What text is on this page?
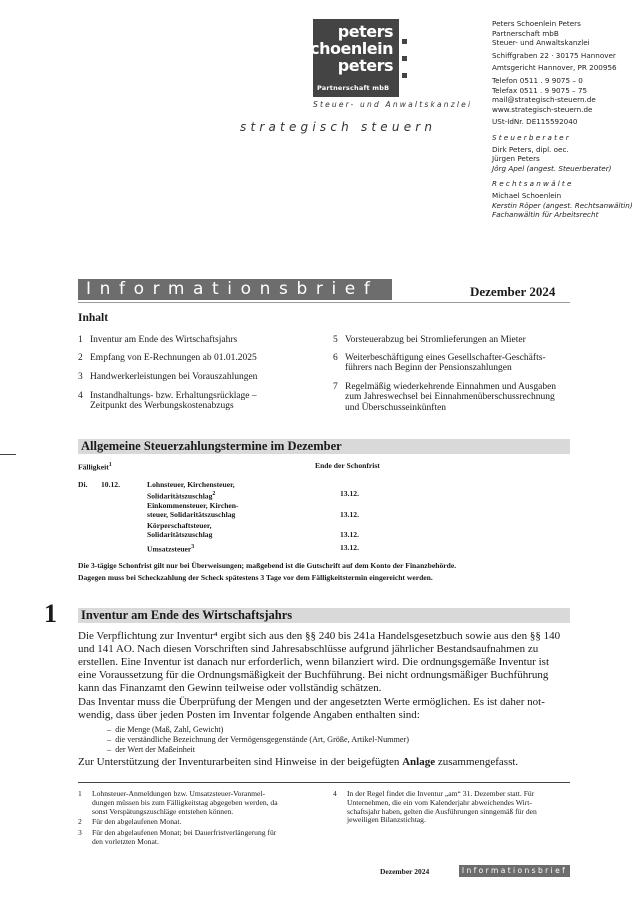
peters
schoenlein
peters
Partnerschaft mbB
Steuer- und Anwaltskanzlei
strategisch steuern
Peters Schoenlein Peters
Partnerschaft mbB
Steuer- und Anwaltskanzlei
Schiffgraben 22 · 30175 Hannover
Amtsgericht Hannover, PR 200956
Telefon 0511 . 9 9075 – 0
Telefax 0511 . 9 9075 – 75
mail@strategisch-steuern.de
www.strategisch-steuern.de
USt-IdNr. DE115592040
Steuerberater
Dirk Peters, dipl. oec.
Jürgen Peters
Jörg Apel (angest. Steuerberater)
Rechtsanwälte
Michael Schoenlein
Kerstin Röper (angest. Rechtsanwältin)
Fachanwältin für Arbeitsrecht
Informationsbrief	Dezember 2024
Inhalt
1 Inventur am Ende des Wirtschaftsjahrs
2 Empfang von E-Rechnungen ab 01.01.2025
3 Handwerkerleistungen bei Vorauszahlungen
4 Instandhaltungs- bzw. Erhaltungsrücklage –
Zeitpunkt des Werbungskostenabzugs
5 Vorsteuerabzug bei Stromlieferungen an Mieter
6 Weiterbeschäftigung eines Gesellschafter-Geschäfts-
führers nach Beginn der Pensionszahlungen
7 Regelmäßig wiederkehrende Einnahmen und Ausgaben
zum Jahreswechsel bei Einnahmenüberschussrechnung
und Überschusseinkünften
Allgemeine Steuerzahlungstermine im Dezember
Fälligkeit$^1$	Ende der Schonfrist
Di. 10.12.	Lohnsteuer, Kirchensteuer,
Solidaritätszuschlag$^2$	13.12.
Einkommensteuer, Kirchen-
steuer, Solidaritätszuschlag	13.12.
Körperschaftsteuer,
Solidaritätszuschlag	13.12.
Umsatzsteuer$^3$	13.12.
Die 3-tägige Schonfrist gilt nur bei Überweisungen; maßgebend ist die Gutschrift auf dem Konto der Finanzbehörde.
Dagegen muss bei Scheckzahlung der Scheck spätestens 3 Tage vor dem Fälligkeitstermin eingereicht werden.
1 Inventur am Ende des Wirtschaftsjahrs
Die Verpflichtung zur Inventur⁴ ergibt sich aus den §§ 240 bis 241a Handelsgesetzbuch sowie aus den §§ 140
und 141 AO. Nach diesen Vorschriften sind Jahresabschlüsse aufgrund jährlicher Bestandsaufnahmen zu
erstellen. Eine Inventur ist danach nur erforderlich, wenn bilanziert wird. Die ordnungsgemäße Inventur ist
eine Voraussetzung für die Ordnungsmäßigkeit der Buchführung. Bei nicht ordnungsmäßiger Buchführung
kann das Finanzamt den Gewinn teilweise oder vollständig schätzen.
Das Inventar muss die Überprüfung der Mengen und der angesetzten Werte ermöglichen. Es ist daher not-
wendig, dass über jeden Posten im Inventar folgende Angaben enthalten sind:
–  die Menge (Maß, Zahl, Gewicht)
–  die verständliche Bezeichnung der Vermögensgegenstände (Art, Größe, Artikel-Nummer)
–  der Wert der Maßeinheit
Zur Unterstützung der Inventurarbeiten sind Hinweise in der beigefügten Anlage zusammengefasst.
1 Lohnsteuer-Anmeldungen bzw. Umsatzsteuer-Voranmel-
dungen müssen bis zum Fälligkeitstag abgegeben werden, da
sonst Verspätungszuschläge entstehen können.
2 Für den abgelaufenen Monat.
3 Für den abgelaufenen Monat; bei Dauerfristverlängerung für
den vorletzten Monat.
4 In der Regel findet die Inventur „am“ 31. Dezember statt. Für
Unternehmen, die ein vom Kalenderjahr abweichendes Wirt-
schaftsjahr haben, gelten die Ausführungen sinngemäß für den
jeweiligen Bilanzstichtag.
Dezember 2024	Informationsbrief
